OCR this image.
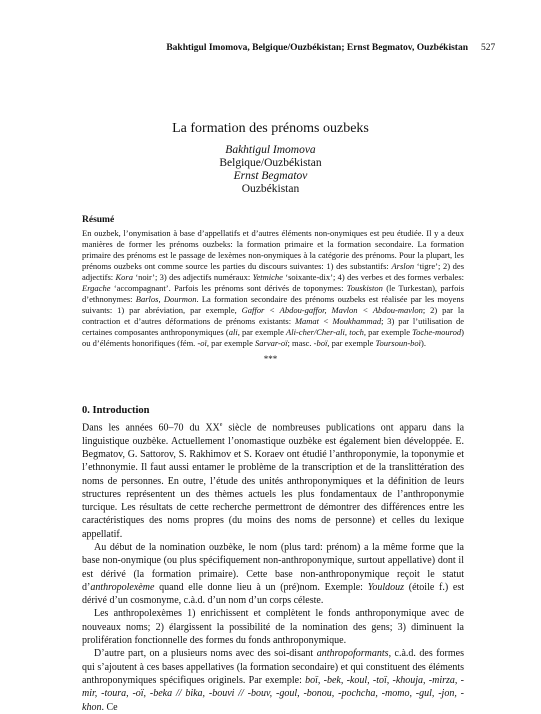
Bakhtigul Imomova, Belgique/Ouzbékistan; Ernst Begmatov, Ouzbékistan 527
La formation des prénoms ouzbeks
Bakhtigul Imomova
Belgique/Ouzbékistan
Ernst Begmatov
Ouzbékistan
Résumé

En ouzbek, l’onymisation à base d’appellatifs et d’autres éléments non-onymiques est peu étudiée. Il y a deux manières de former les prénoms ouzbeks: la formation primaire et la formation secondaire. La formation primaire des prénoms est le passage de lexèmes non-onymiques à la catégorie des prénoms. Pour la plupart, les prénoms ouzbeks ont comme source les parties du discours suivantes: 1) des substantifs: Arslon ‘tigre’; 2) des adjectifs: Kora ‘noir’; 3) des adjectifs numéraux: Yetmiche ‘soixante-dix’; 4) des verbes et des formes verbales: Ergache ‘accompagnant’. Parfois les prénoms sont dérivés de toponymes: Touskiston (le Turkestan), parfois d’ethnonymes: Barlos, Dourmon. La formation secondaire des prénoms ouzbeks est réalisée par les moyens suivants: 1) par abréviation, par exemple, Gaffor < Abdou-gaffor, Mavlon < Abdou-mavlon; 2) par la contraction et d’autres déformations de prénoms existants: Mamat < Moukhammad; 3) par l’utilisation de certaines composantes anthroponymiques (ali, par exemple Ali-cher/Cher-ali, toch, par exemple Toche-mourod) ou d’éléments honorifiques (fém. -oï, par exemple Sarvar-oï; masc. -boï, par exemple Toursoun-boï).

***
0. Introduction

Dans les années 60–70 du XXe siècle de nombreuses publications ont apparu dans la linguistique ouzbèke. Actuellement l’onomastique ouzbèke est également bien développée. E. Begmatov, G. Sattorov, S. Rakhimov et S. Koraev ont étudié l’anthroponymie, la toponymie et l’ethnonymie. Il faut aussi entamer le problème de la transcription et de la translittération des noms de personnes. En outre, l’étude des unités anthroponymiques et la définition de leurs structures représentent un des thèmes actuels les plus fondamentaux de l’anthroponymie turcique. Les résultats de cette recherche permettront de démontrer des différences entre les caractéristiques des noms propres (du moins des noms de personne) et celles du lexique appellatif.

Au début de la nomination ouzbèke, le nom (plus tard: prénom) a la même forme que la base non-onymique (ou plus spécifiquement non-anthroponymique, surtout appellative) dont il est dérivé (la formation primaire). Cette base non-anthroponymique reçoit le statut d’anthropolexème quand elle donne lieu à un (pré)nom. Exemple: Youldouz (étoile f.) est dérivé d’un cosmonyme, c.à.d. d’un nom d’un corps céleste.

Les anthropolexèmes 1) enrichissent et complètent le fonds anthroponymique avec de nouveaux noms; 2) élargissent la possibilité de la nomination des gens; 3) diminuent la prolifération fonctionnelle des formes du fonds anthroponymique.

D’autre part, on a plusieurs noms avec des soi-disant anthropoformants, c.à.d. des formes qui s’ajoutent à ces bases appellatives (la formation secondaire) et qui constituent des éléments anthroponymiques spécifiques originels. Par exemple: boï, -bek, -koul, -toï, -khouja, -mirza, -mir, -toura, -oï, -beka // bika, -bouvi // -bouv, -goul, -bonou, -pochcha, -momo, -gul, -jon, -khon. Ce
